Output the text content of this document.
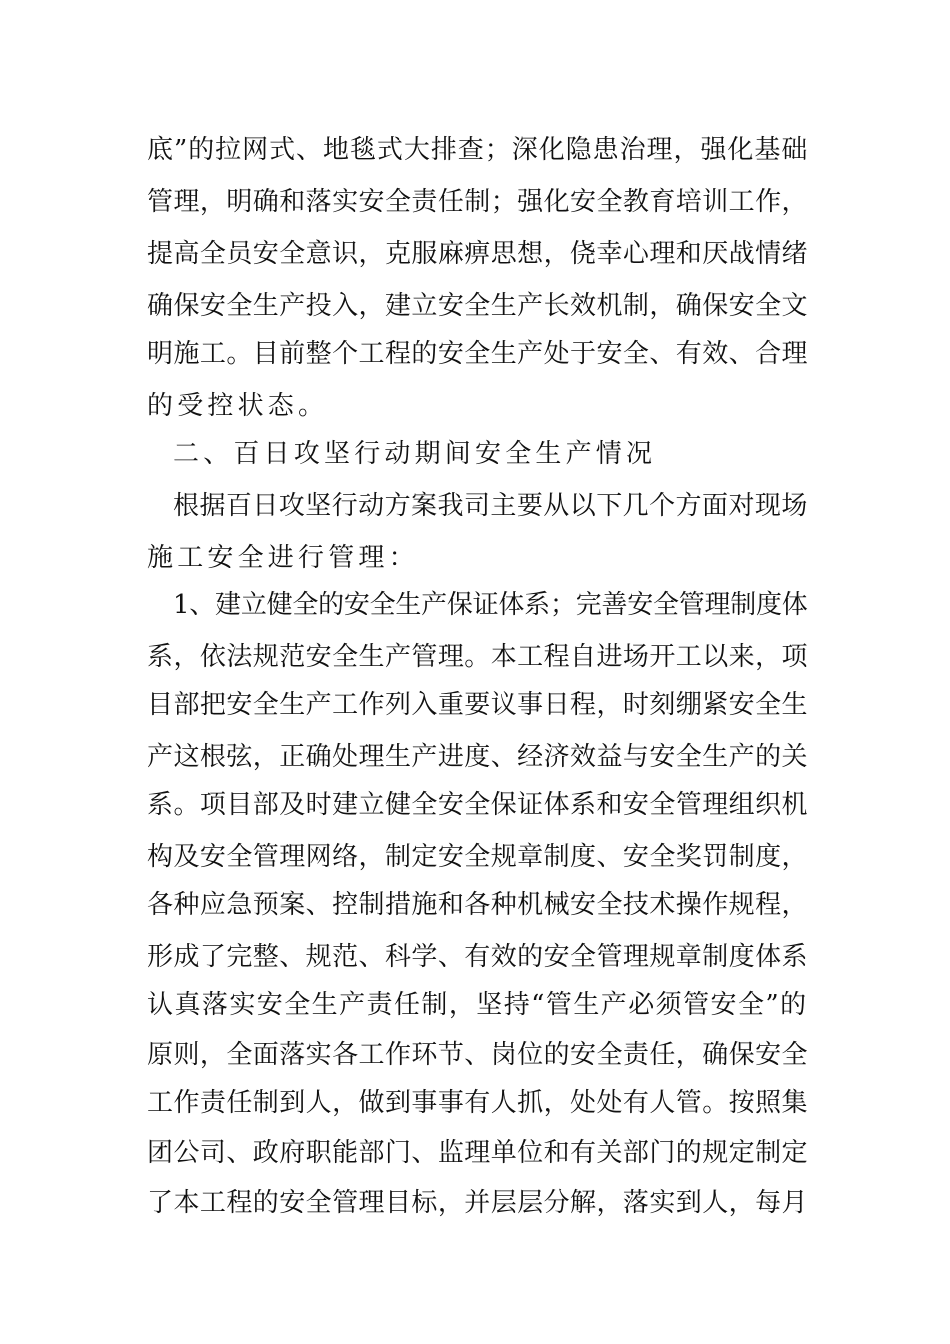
底”的拉网式、地毯式大排查；深化隐患治理，强化基础
管理，明确和落实安全责任制；强化安全教育培训工作，
提高全员安全意识，克服麻痹思想，侥幸心理和厌战情绪
确保安全生产投入，建立安全生产长效机制，确保安全文
明施工。目前整个工程的安全生产处于安全、有效、合理
的受控状态。
二、百日攻坚行动期间安全生产情况
根据百日攻坚行动方案我司主要从以下几个方面对现场
施工安全进行管理：
1、建立健全的安全生产保证体系；完善安全管理制度体
系，依法规范安全生产管理。本工程自进场开工以来，项
目部把安全生产工作列入重要议事日程，时刻绷紧安全生
产这根弦，正确处理生产进度、经济效益与安全生产的关
系。项目部及时建立健全安全保证体系和安全管理组织机
构及安全管理网络，制定安全规章制度、安全奖罚制度，
各种应急预案、控制措施和各种机械安全技术操作规程，
形成了完整、规范、科学、有效的安全管理规章制度体系
认真落实安全生产责任制，坚持“管生产必须管安全”的
原则，全面落实各工作环节、岗位的安全责任，确保安全
工作责任制到人，做到事事有人抓，处处有人管。按照集
团公司、政府职能部门、监理单位和有关部门的规定制定
了本工程的安全管理目标，并层层分解，落实到人，每月
